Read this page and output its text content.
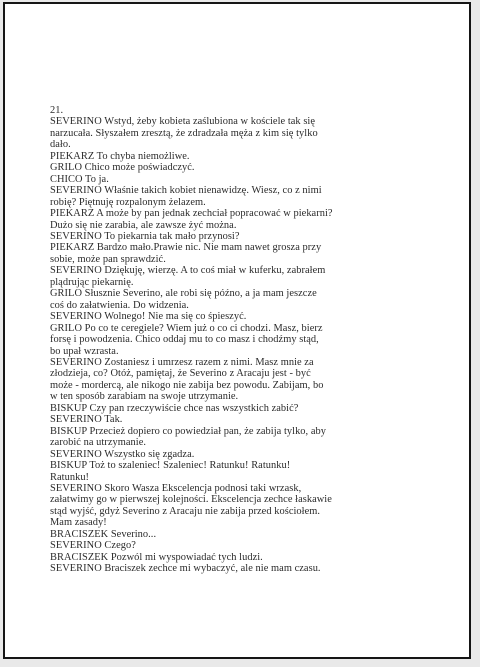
21.
SEVERINO Wstyd, żeby kobieta zaślubiona w kościele tak się
narzucała. Słyszałem zresztą, że zdradzała męża z kim się tylko
dało.
PIEKARZ To chyba niemożliwe.
GRILO Chico może poświadczyć.
CHICO To ja.
SEVERINO Właśnie takich kobiet nienawidzę. Wiesz, co z nimi
robię? Piętnuję rozpalonym żelazem.
PIEKARZ A może by pan jednak zechciał popracować w piekarni?
Dużo się nie zarabia, ale zawsze żyć można.
SEVERINO To piekarnia tak mało przynosi?
PIEKARZ Bardzo mało.Prawie nic. Nie mam nawet grosza przy
sobie, może pan sprawdzić.
SEVERINO Dziękuję, wierzę. A to coś miał w kuferku, zabrałem
plądrując piekarnię.
GRILO Słusznie Severino, ale robi się późno, a ja mam jeszcze
coś do załatwienia. Do widzenia.
SEVERINO Wolnego! Nie ma się co śpieszyć.
GRILO Po co te ceregiele? Wiem już o co ci chodzi. Masz, bierz
forsę i powodzenia. Chico oddaj mu to co masz i chodźmy stąd,
bo upał wzrasta.
SEVERINO Zostaniesz i umrzesz razem z nimi. Masz mnie za
złodzieja, co? Otóż, pamiętaj, że Severino z Aracaju jest - być
może - mordercą, ale nikogo nie zabija bez powodu. Zabijam, bo
w ten sposób zarabiam na swoje utrzymanie.
BISKUP Czy pan rzeczywiście chce nas wszystkich zabić?
SEVERINO Tak.
BISKUP Przecież dopiero co powiedział pan, że zabija tylko, aby
zarobić na utrzymanie.
SEVERINO Wszystko się zgadza.
BISKUP Toż to szaleniec! Szaleniec! Ratunku! Ratunku!
Ratunku!
SEVERINO Skoro Wasza Ekscelencja podnosi taki wrzask,
załatwimy go w pierwszej kolejności. Ekscelencja zechce łaskawie
stąd wyjść, gdyż Severino z Aracaju nie zabija przed kościołem.
Mam zasady!
BRACISZEK Severino...
SEVERINO Czego?
BRACISZEK Pozwól mi wyspowiadać tych ludzi.
SEVERINO Braciszek zechce mi wybaczyć, ale nie mam czasu.
